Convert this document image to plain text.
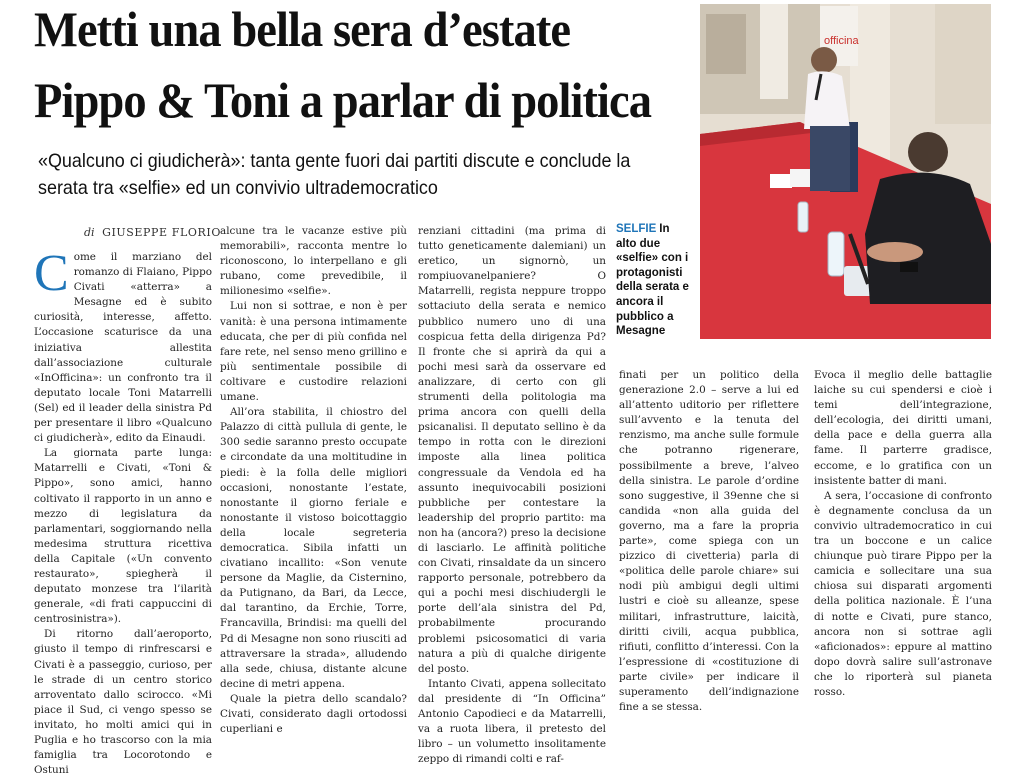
Metti una bella sera d’estate
Pippo & Toni a parlar di politica
«Qualcuno ci giudicherà»: tanta gente fuori dai partiti discute e conclude la serata tra «selfie» ed un convivio ultrademocratico
di GIUSEPPE FLORIO
officina
SELFIE In alto due «selfie» con i protagonisti della serata e ancora il pubblico a Mesagne

Come il marziano del romanzo di Flaiano, Pippo Civati «atterra» a Mesagne ed è subito curiosità, interesse, affetto. L’occasione scaturisce da una iniziativa allestita dall’associazione culturale «InOfficina»: un confronto tra il deputato locale Toni Matarrelli (Sel) ed il leader della sinistra Pd per presentare il libro «Qualcuno ci giudicherà», edito da Einaudi.

La giornata parte lunga: Matarrelli e Civati, «Toni & Pippo», sono amici, hanno coltivato il rapporto in un anno e mezzo di legislatura da parlamentari, soggiornando nella medesima struttura ricettiva della Capitale («Un convento restaurato», spiegherà il deputato monzese tra l’ilarità generale, «di frati cappuccini di centrosinistra»).

Di ritorno dall’aeroporto, giusto il tempo di rinfrescarsi e Civati è a passeggio, curioso, per le strade di un centro storico arroventato dallo scirocco. «Mi piace il Sud, ci vengo spesso se invitato, ho molti amici qui in Puglia e ho trascorso con la mia famiglia tra Locorotondo e Ostuni

alcune tra le vacanze estive più memorabili», racconta mentre lo riconoscono, lo interpellano e gli rubano, come prevedibile, il milionesimo «selfie».

Lui non si sottrae, e non è per vanità: è una persona intimamente educata, che per di più confida nel fare rete, nel senso meno grillino e più sentimentale possibile di coltivare e custodire relazioni umane.

All’ora stabilita, il chiostro del Palazzo di città pullula di gente, le 300 sedie saranno presto occupate e circondate da una moltitudine in piedi: è la folla delle migliori occasioni, nonostante l’estate, nonostante il giorno feriale e nonostante il vistoso boicottaggio della locale segreteria democratica. Sibila infatti un civatiano incallito: «Son venute persone da Maglie, da Cisternino, da Putignano, da Bari, da Lecce, dal tarantino, da Erchie, Torre, Francavilla, Brindisi: ma quelli del Pd di Mesagne non sono riusciti ad attraversare la strada», alludendo alla sede, chiusa, distante alcune decine di metri appena.

Quale la pietra dello scandalo? Civati, considerato dagli ortodossi cuperliani e

renziani cittadini (ma prima di tutto geneticamente dalemiani) un eretico, un signornò, un rompiuovanelpaniere? O Matarrelli, regista neppure troppo sottaciuto della serata e nemico pubblico numero uno di una cospicua fetta della dirigenza Pd? Il fronte che si aprirà da qui a pochi mesi sarà da osservare ed analizzare, di certo con gli strumenti della politologia ma prima ancora con quelli della psicanalisi. Il deputato sellino è da tempo in rotta con le direzioni imposte alla linea politica congressuale da Vendola ed ha assunto inequivocabili posizioni pubbliche per contestare la leadership del proprio partito: ma non ha (ancora?) preso la decisione di lasciarlo. Le affinità politiche con Civati, rinsaldate da un sincero rapporto personale, potrebbero da qui a pochi mesi dischiudergli le porte dell’ala sinistra del Pd, probabilmente procurando problemi psicosomatici di varia natura a più di qualche dirigente del posto.

Intanto Civati, appena sollecitato dal presidente di “In Officina” Antonio Capodieci e da Matarrelli, va a ruota libera, il pretesto del libro – un volumetto insolitamente zeppo di rimandi colti e raf-

finati per un politico della generazione 2.0 – serve a lui ed all’attento uditorio per riflettere sull’avvento e la tenuta del renzismo, ma anche sulle formule che potranno rigenerare, possibilmente a breve, l’alveo della sinistra. Le parole d’ordine sono suggestive, il 39enne che si candida «non alla guida del governo, ma a fare la propria parte», come spiega con un pizzico di civetteria) parla di «politica delle parole chiare» sui nodi più ambigui degli ultimi lustri e cioè su alleanze, spese militari, infrastrutture, laicità, diritti civili, acqua pubblica, rifiuti, conflitto d’interessi. Con la l’espressione di «costituzione di parte civile» per indicare il superamento dell’indignazione fine a se stessa.

Evoca il meglio delle battaglie laiche su cui spendersi e cioè i temi dell’integrazione, dell’ecologia, dei diritti umani, della pace e della guerra alla fame. Il parterre gradisce, eccome, e lo gratifica con un insistente batter di mani.

A sera, l’occasione di confronto è degnamente conclusa da un convivio ultrademocratico in cui tra un boccone e un calice chiunque può tirare Pippo per la camicia e sollecitare una sua chiosa sui disparati argomenti della politica nazionale. È l’una di notte e Civati, pure stanco, ancora non si sottrae agli «aficionados»: eppure al mattino dopo dovrà salire sull’astronave che lo riporterà sul pianeta rosso.
